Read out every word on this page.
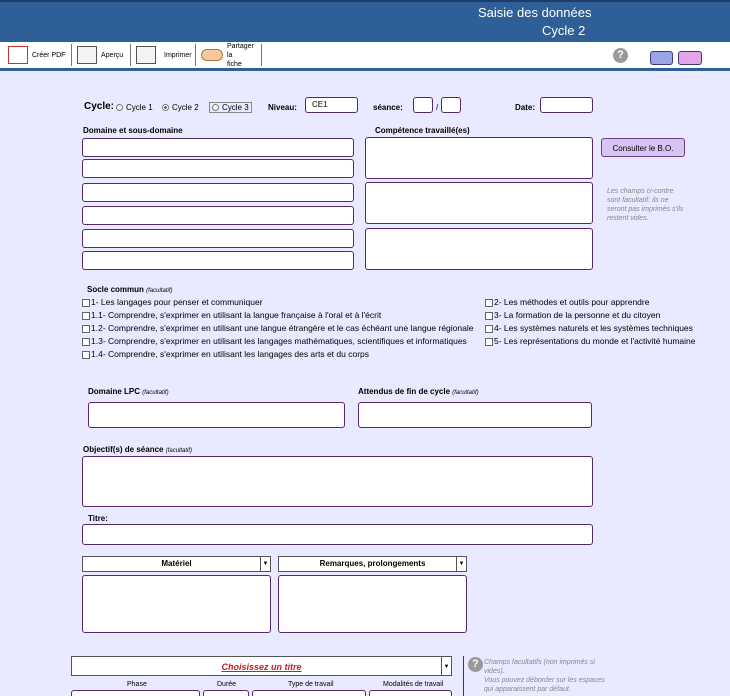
Saisie des données
Cycle 2
Créer PDF	Aperçu	Imprimer
Partager la
fiche
?
Cycle:	Cycle 1	Cycle 2	Cycle 3	Niveau:	CE1	séance:	/	Date:
Domaine et sous-domaine	Compétence travaillé(es)
Consulter le B.O.
Les champs ci-contre
sont facultatif: ils ne
seront pas imprimés s'ils
restent vides.
Socle commun (facultatif)
1- Les langages pour penser et communiquer
1.1- Comprendre, s'exprimer en utilisant la langue française à l'oral et à l'écrit
1.2- Comprendre, s'exprimer en utilisant une langue étrangère et le cas échéant une langue régionale
1.3- Comprendre, s'exprimer en utilisant les langages mathématiques, scientifiques et informatiques
1.4- Comprendre, s'exprimer en utilisant les langages des arts et du corps
2- Les méthodes et outils pour apprendre
3- La formation de la personne et du citoyen
4- Les systèmes naturels et les systèmes techniques
5- Les représentations du monde et l'activité humaine
Domaine LPC (facultatif)	Attendus de fin de cycle (facultatif)
Objectif(s) de séance (facultatif)
Titre:
Matériel	▼	Remarques, prolongements	▼
Choisissez un titre	▼
Phase	Durée	Type de travail	Modalités de travail
? Champs facultatifs (non imprimés si
vides).
Vous pouvez déborder sur les espaces
qui apparaissent par défaut.
